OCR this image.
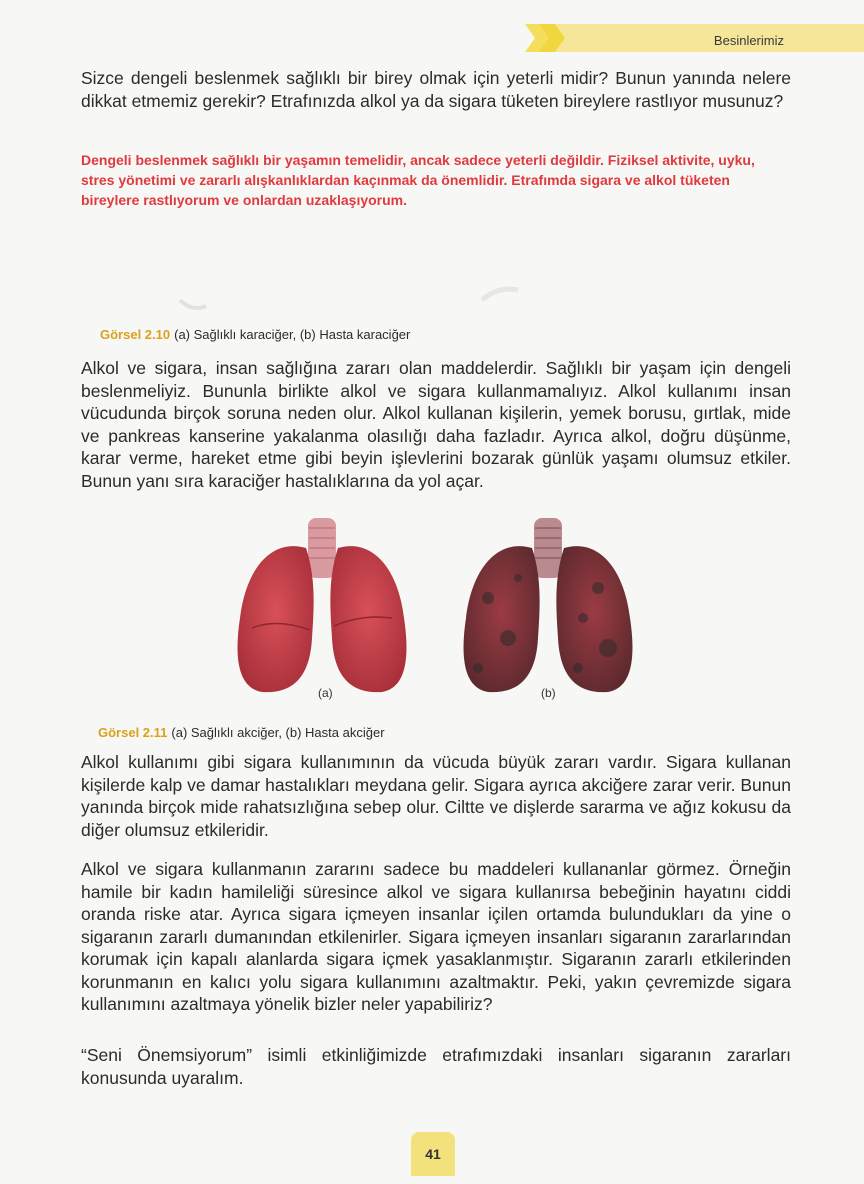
Besinlerimiz

Sizce dengeli beslenmek sağlıklı bir birey olmak için yeterli midir? Bunun yanında nelere dikkat etmemiz gerekir? Etrafınızda alkol ya da sigara tüketen bireylere rastlıyor musunuz?

Dengeli beslenmek sağlıklı bir yaşamın temelidir, ancak sadece yeterli değildir. Fiziksel aktivite, uyku, stres yönetimi ve zararlı alışkanlıklardan kaçınmak da önemlidir. Etrafımda sigara ve alkol tüketen bireylere rastlıyorum ve onlardan uzaklaşıyorum.

Görsel 2.10 (a) Sağlıklı karaciğer, (b) Hasta karaciğer

Alkol ve sigara, insan sağlığına zararı olan maddelerdir. Sağlıklı bir yaşam için dengeli beslenmeliyiz. Bununla birlikte alkol ve sigara kullanmamalıyız. Alkol kullanımı insan vücudunda birçok soruna neden olur. Alkol kullanan kişilerin, yemek borusu, gırtlak, mide ve pankreas kanserine yakalanma olasılığı daha fazladır. Ayrıca alkol, doğru düşünme, karar verme, hareket etme gibi beyin işlevlerini bozarak günlük yaşamı olumsuz etkiler. Bunun yanı sıra karaciğer hastalıklarına da yol açar.

(a)	(b)
Görsel 2.11 (a) Sağlıklı akciğer, (b) Hasta akciğer

Alkol kullanımı gibi sigara kullanımının da vücuda büyük zararı vardır. Sigara kullanan kişilerde kalp ve damar hastalıkları meydana gelir. Sigara ayrıca akciğere zarar verir. Bunun yanında birçok mide rahatsızlığına sebep olur. Ciltte ve dişlerde sararma ve ağız kokusu da diğer olumsuz etkileridir.

Alkol ve sigara kullanmanın zararını sadece bu maddeleri kullananlar görmez. Örneğin hamile bir kadın hamileliği süresince alkol ve sigara kullanırsa bebeğinin hayatını ciddi oranda riske atar. Ayrıca sigara içmeyen insanlar içilen ortamda bulundukları da yine o sigaranın zararlı dumanından etkilenirler. Sigara içmeyen insanları sigaranın zararlarından korumak için kapalı alanlarda sigara içmek yasaklanmıştır. Sigaranın zararlı etkilerinden korunmanın en kalıcı yolu sigara kullanımını azaltmaktır. Peki, yakın çevremizde sigara kullanımını azaltmaya yönelik bizler neler yapabiliriz?

“Seni Önemsiyorum” isimli etkinliğimizde etrafımızdaki insanları sigaranın zararları konusunda uyaralım.

41
